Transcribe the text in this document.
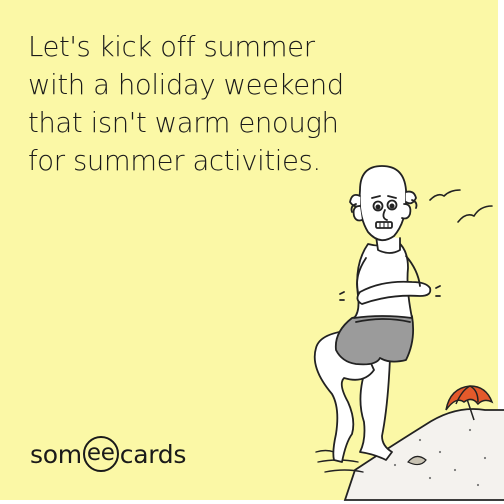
Let's kick off summer
with a holiday weekend
that isn't warm enough
for summer activities.

som ee cards
